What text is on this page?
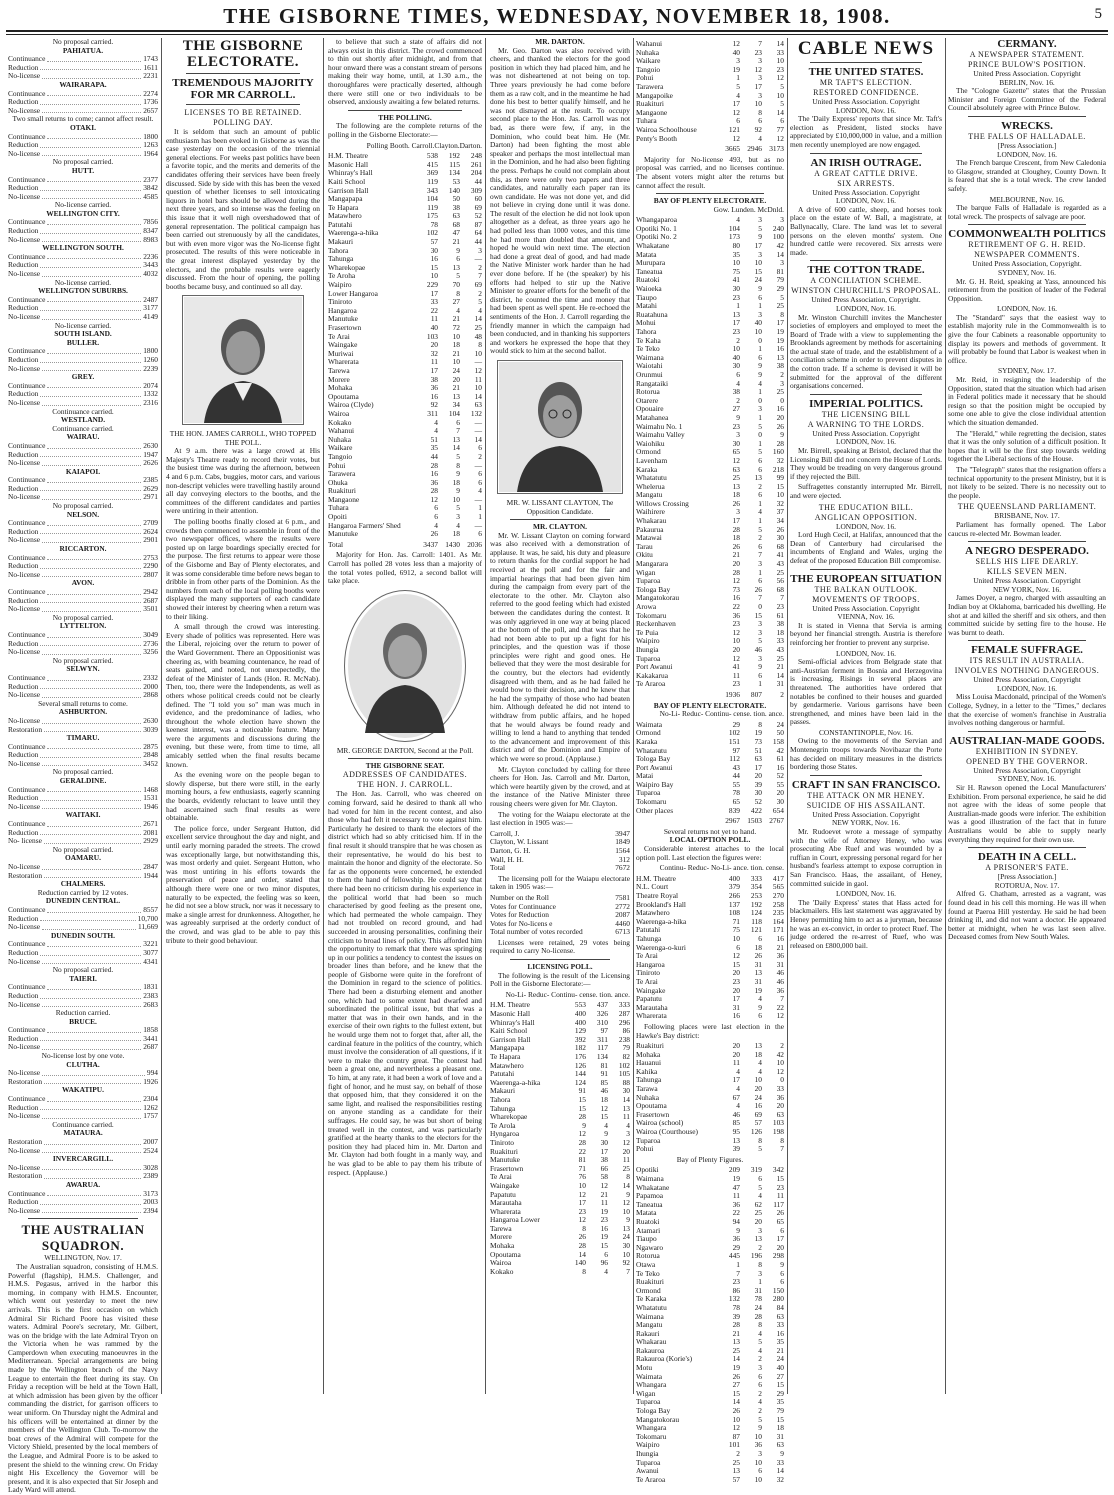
THE GISBORNE TIMES, WEDNESDAY, NOVEMBER 18, 1908.	5
No proposal carried.
PAHIATUA.
Continuance	1743
Reduction	1611
No-license	2231
WAIRARAPA.
Continuance	2274
Reduction	1736
No-license	2657
Two small returns to come; cannot affect result.
OTAKI.
Continuance	1800
Reduction	1263
No-license	1964
No proposal carried.
HUTT.
Continuance	2377
Reduction	3842
No-license	4585
No-license carried.
WELLINGTON CITY.
Continuance	7856
Reduction	8347
No-license	8983
WELLINGTON SOUTH.
Continuance	2236
Reduction	3443
No-license	4032
No-license carried.
WELLINGTON SUBURBS.
Continuance	2487
Reduction	3177
No-license	4149
No-license carried.
SOUTH ISLAND.
BULLER.
Continuance	1800
Reduction	1260
No-license	2239
GREY.
Continuance	2074
Reduction	1332
No-license	2316
Continuance carried.
WESTLAND.
Continuance carried.
WAIRAU.
Continuance	2630
Reduction	1947
No-license	2626
KAIAPOI.
Continuance	2385
Reduction	2629
No-license	2971
No proposal carried.
NELSON.
Continuance	2709
Reduction	2624
No-license	2901
RICCARTON.
Continuance	2753
Reduction	2290
No-license	2807
AVON.
Continuance	2942
Reduction	2687
No-license	3501
No proposal carried.
LYTTELTON.
Continuance	3049
Reduction	2736
No-license	3256
No proposal carried.
SELWYN.
Continuance	2332
Reduction	2000
No-license	2868
Several small returns to come.
ASHBURTON.
No-license	2630
Restoration	3039
TIMARU.
Continuance	2875
Reduction	2848
No-license	3452
No proposal carried.
GERALDINE.
Continuance	1468
Reduction	1531
No-license	1946
WAITAKI.
Continuance	2671
Reduction	2081
No- license	2929
No proposal carried.
OAMARU.
No-license	2847
Restoration	1944
CHALMERS.
Reduction carried by 12 votes.
DUNEDIN CENTRAL.
Continuance	8557
Reduction	10,700
No-license	11,669
DUNEDIN SOUTH.
Continuance	3221
Reduction	3077
No-license	4341
No proposal carried.
TAIERI.
Continuance	1831
Reduction	2383
No-license	2683
Reduction carried.
BRUCE.
Continuance	1858
Reduction	3441
No-license	2687
No-license lost by one vote.
CLUTHA.
No-license	994
Restoration	1926
WAKATIPU.
Continuance	2304
Reduction	1262
No-license	1757
Continuance carried.
MATAURA.
Restoration	2007
No-license	2524
INVERCARGILL.
No-license	3028
Restoration	2389
AWARUA.
Continuance	3173
Reduction	2003
No-license	2394
THE AUSTRALIAN SQUADRON.
WELLINGTON, Nov. 17.

The Australian squadron, consisting of H.M.S. Powerful (flagship), H.M.S. Challenger, and H.M.S. Pegasus, arrived in the harbor this morning, in company with H.M.S. Encounter, which went out yesterday to meet the new arrivals. This is the first occasion on which Admiral Sir Richard Poore has visited these waters. Admiral Poore's secretary, Mr. Gilbert, was on the bridge with the late Admiral Tryon on the Victoria when he was rammed by the Camperdown when executing manoeuvres in the Mediterranean. Special arrangements are being made by the Wellington branch of the Navy League to entertain the fleet during its stay. On Friday a reception will be held at the Town Hall, at which admission has been given by the officer commanding the district, for garrison officers to wear uniform. On Thursday night the Admiral and his officers will be entertained at dinner by the members of the Wellington Club. To-morrow the boat crews of the Admiral will compete for the Victory Shield, presented by the local members of the League, and Admiral Poore is to be asked to present the shield to the winning crew. On Friday night His Excellency the Governor will be present, and it is also expected that Sir Joseph and Lady Ward will attend.

THE GISBORNE ELECTORATE.
TREMENDOUS MAJORITY FOR MR CARROLL.
LICENSES TO BE RETAINED.
POLLING DAY.

It is seldom that such an amount of public enthusiasm has been evoked in Gisborne as was the case yesterday on the occasion of the triennial general elections. For weeks past politics have been a favorite topic, and the merits and demerits of the candidates offering their services have been freely discussed. Side by side with this has been the vexed question of whether licenses to sell intoxicating liquors in hotel bars should be allowed during the next three years, and so intense was the feeling on this issue that it well nigh overshadowed that of general representation. The political campaign has been carried out strenuously by all the candidates, but with even more vigor was the No-license fight prosecuted. The results of this were noticeable in the great interest displayed yesterday by the electors, and the probable results were eagerly discussed. From the hour of opening, the polling booths became busy, and continued so all day.

THE HON. JAMES CARROLL, WHO TOPPED THE POLL.

At 9 a.m. there was a large crowd at His Majesty's Theatre ready to record their votes, but the busiest time was during the afternoon, between 4 and 6 p.m. Cabs, buggies, motor cars, and various non-descript vehicles were travelling hastily around all day conveying electors to the booths, and the committees of the different candidates and parties were untiring in their attention.

The polling booths finally closed at 6 p.m., and crowds then commenced to assemble in front of the two newspaper offices, where the results were posted up on large boardings specially erected for the purpose. The first returns to appear were those of the Gisborne and Bay of Plenty electorates, and it was some considerable time before news began to dribble in from other parts of the Dominion. As the numbers from each of the local polling booths were displayed the many supporters of each candidate showed their interest by cheering when a return was to their liking.

A small through the crowd was interesting. Every shade of politics was represented. Here was the Liberal, rejoicing over the return to power of the Ward Government. There an Oppositionist was cheering as, with beaming countenance, he read of seats gained, and noted, not unexpectedly, the defeat of the Minister of Lands (Hon. R. McNab). Then, too, there were the Independents, as well as others whose political creeds could not be clearly defined. The "I told you so" man was much in evidence, and the predominance of ladies, who throughout the whole election have shown the keenest interest, was a noticeable feature. Many were the arguments and discussions during the evening, but these were, from time to time, all amicably settled when the final results became known.

As the evening wore on the people began to slowly disperse, but there were still, in the early morning hours, a few enthusiasts, eagerly scanning the boards, evidently reluctant to leave until they had ascertained such final results as were obtainable.

The police force, under Sergeant Hutton, did excellent service throughout the day and night, and until early morning paraded the streets. The crowd was exceptionally large, but notwithstanding this, was most orderly and quiet. Sergeant Hutton, who was most untiring in his efforts towards the preservation of peace and order, stated that although there were one or two minor disputes, naturally to be expected, the feeling was so keen, he did not see a blow struck, nor was it necessary to make a single arrest for drunkenness. Altogether, he was agreeably surprised at the orderly conduct of the crowd, and was glad to be able to pay this tribute to their good behaviour.

to believe that such a state of affairs did not always exist in this district. The crowd commenced to thin out shortly after midnight, and from that hour onward there was a constant stream of persons making their way home, until, at 1.30 a.m., the thoroughfares were practically deserted, although there were still one or two individuals to be observed, anxiously awaiting a few belated returns.

THE POLLING.

The following are the complete returns of the polling in the Gisborne Electorate:—

Polling Booth. Carroll.Clayton.Darton.
H.M. Theatre	538	192	248
Masonic Hall	415	115	261
Whinray's Hall	369	134	204
Kaiti School	119	53	44
Garrison Hall	343	140	309
Mangapapa	104	50	60
Te Hapara	119	38	69
Matawhero	175	63	52
Patutahi	78	68	87
Waerenga-a-hika	102	47	64
Makauri	57	21	44
Tahora	30	9	3
Tahunga	16	6	—
Wharekopae	15	13	2
Te Aroha	10	5	7
Waipiro	229	70	69
Lower Hangaroa	17	8	2
Tiniroto	33	27	5
Hangaroa	22	4	4
Manutuke	11	21	14
Frasertown	40	72	25
Te Arai	103	10	48
Waingake	20	18	8
Muriwai	32	21	10
Wharerata	11	10	—
Tarewa	17	24	12
Morere	38	20	11
Mohaka	36	21	10
Opoutama	16	13	14
Wairoa (Clyde)	92	34	63
Wairoa	311	104	132
Kokako	4	6	—
Wahanui	4	7	—
Nuhaka	51	13	14
Waikare	35	14	6
Tangoio	44	5	2
Pohui	28	8	—
Tarawera	16	9	6
Ohuka	36	18	6
Ruakituri	28	9	4
Mangaone	12	10	—
Tuhara	6	5	1
Opoiti	6	3	1
Hangaroa Farmers' Shed	4	4	—
Manutuke	26	18	6
Total	3437 1430 2036

Majority for Hon. Jas. Carroll: 1401. As Mr. Carroll has polled 28 votes less than a majority of the total votes polled, 6912, a second ballot will take place.

MR. GEORGE DARTON, Second at the Poll.
THE GISBORNE SEAT.
ADDRESSES OF CANDIDATES.
THE HON. J. CARROLL.

The Hon. Jas. Carroll, who was cheered on coming forward, said he desired to thank all who had voted for him in the recent contest, and also those who had felt it necessary to vote against him. Particularly he desired to thank the electors of the district which had so ably criticised him. If in the final result it should transpire that he was chosen as their representative, he would do his best to maintain the honor and dignity of the electorate. So far as the opponents were concerned, he extended to them the hand of fellowship. He could say that there had been no criticism during his experience in the political world that had been so much characterised by good feeling as the present one, which had permeated the whole campaign. They had not troubled on record ground, and had succeeded in arousing personalities, confining their criticism to broad lines of policy. This afforded him the opportunity to remark that there was springing up in our politics a tendency to contest the issues on broader lines than before, and he knew that the people of Gisborne were quite in the forefront of the Dominion in regard to the science of politics. There had been a disturbing element and another one, which had to some extent had dwarfed and subordinated the political issue, but that was a matter that was in their own hands, and in the exercise of their own rights to the fullest extent, but he would urge them not to forget that, after all, the cardinal feature in the politics of the country, which must involve the consideration of all questions, if it were to make the country great. The contest had been a great one, and nevertheless a pleasant one. To him, at any rate, it had been a work of love and a fight of honor, and he must say, on behalf of those that opposed him, that they considered it on the same light, and realised the responsibilities resting on anyone standing as a candidate for their suffrages. He could say, he was but short of being treated well in the contest, and was particularly gratified at the hearty thanks to the electors for the position they had placed him in. Mr. Darton and Mr. Clayton had both fought in a manly way, and he was glad to be able to pay them his tribute of respect. (Applause.)

MR. DARTON.

Mr. Geo. Darton was also received with cheers, and thanked the electors for the good position in which they had placed him, and he was not disheartened at not being on top. Three years previously he had come before them as a raw colt, and in the meantime he had done his best to better qualify himself, and he was not dismayed at the result. To occupy second place to the Hon. Jas. Carroll was not bad, as there were few, if any, in the Dominion, who could beat him. He (Mr. Darton) had been fighting the most able speaker and perhaps the most intellectual man in the Dominion, and he had also been fighting the press. Perhaps he could not complain about this, as there were only two papers and three candidates, and naturally each paper ran its own candidate. He was not done yet, and did not believe in crying done until it was done. The result of the election he did not look upon altogether as a defeat, as three years ago he had polled less than 1000 votes, and this time he had more than doubled that amount, and hoped he would win next time. The election had done a great deal of good, and had made the Native Minister work harder than he had ever done before. If he (the speaker) by his efforts had helped to stir up the Native Minister to greater efforts for the benefit of the district, he counted the time and money that had been spent as well spent. He re-echoed the sentiments of the Hon. J. Carroll regarding the friendly manner in which the campaign had been conducted, and in thanking his supporters and workers he expressed the hope that they would stick to him at the second ballot.

MR. W. LISSANT CLAYTON, The Opposition Candidate.
MR. CLAYTON.

Mr. W. Lissant Clayton on coming forward was also received with a demonstration of applause. It was, he said, his duty and pleasure to return thanks for the cordial support he had received at the poll and for the fair and impartial hearings that had been given him during the campaign from every part of the electorate to the other. Mr. Clayton also referred to the good feeling which had existed between the candidates during the contest. It was only aggrieved in one way at being placed at the bottom of the poll, and that was that he had not been able to put up a fight for his principles, and the question was if those principles were right and good ones. He believed that they were the most desirable for the country, but the electors had evidently disagreed with them, and as he had failed he would bow to their decision, and he knew that he had the sympathy of those who had beaten him. Although defeated he did not intend to withdraw from public affairs, and he hoped that he would always be found ready and willing to lend a hand to anything that tended to the advancement and improvement of this district and of the Dominion and Empire of which we were so proud. (Applause.)

Mr. Clayton concluded by calling for three cheers for Hon. Jas. Carroll and Mr. Darton, which were heartily given by the crowd, and at the instance of the Native Minister three rousing cheers were given for Mr. Clayton.

The voting for the Waiapu electorate at the last election in 1905 was:—

Carroll, J.	3947
Clayton, W. Lissant	1849
Darton, G. H.	1564
Wall, H. H.	312
Total	7672

The licensing poll for the Waiapu electorate taken in 1905 was:—

Number on the Roll	7581
Votes for Continuance	2772
Votes for Reduction	2087
Votes for No-licens e	4460
Total number of votes recorded	6713

Licenses were retained, 29 votes being required to carry No-license.

LICENSING POLL.

The following is the result of the Licensing Poll in the Gisborne Electorate:—

No-Li- Reduc- Continu- cense. tion. ance.
H.M. Theatre	553	437	333
Masonic Hall	400	326	287
Whinray's Hall	400	310	296
Kaiti School	129	97	86
Garrison Hall	392	311	238
Mangapapa	182	117	79
Te Hapara	176	134	82
Matawhero	126	81	102
Patutahi	144	91	105
Waerenga-a-hika	124	85	88
Makauri	91	46	30
Tahora	15	18	14
Tahunga	15	12	13
Wharekopae	28	15	11
Te Arola	9	4	4
Hyngaroa	12	9	3
Tiniroto	28	30	12
Ruakituri	22	17	20
Manutuke	81	38	11
Frasertown	71	66	25
Te Arai	76	58	8
Waingake	10	12	14
Papatutu	12	21	9
Marautaha	17	11	12
Wharerata	23	19	10
Hangaroa Lower	12	23	9
Tarewa	8	16	13
Morere	26	19	24
Mohaka	28	15	30
Opoutama	14	6	10
Wairoa	140	96	92
Kokako	8	4	7
Wahanui	12	7	14
Nuhaka	40	23	33
Waikare	3	3	10
Tangoio	19	12	23
Pohui	1	3	12
Tarawera	5	17	5
Mangapoike	4	3	10
Ruakituri	17	10	5
Mangaone	12	8	14
Tuhara	6	6	6
Wairoa Schoolhouse	121	92	77
Penty's Booth	12	4	12
3665 2946 3173

Majority for No-license 493, but as no proposal was carried, and no licenses continue. The absent voters might alter the returns but cannot affect the result.

BAY OF PLENTY ELECTORATE.
Gow. Lunden. McDnld.
Whangaparoa	4	3	3
Opotiki No. 1	104	5	240
Opotiki No. 2	173	9	100
Whakatane	80	17	42
Matata	35	3	14
Murupara	10	10	3
Taneatua	75	15	81
Ruatoki	41	24	79
Waioeka	30	9	29
Tiaupo	23	6	5
Matahi	1	1	25
Ruatahuna	13	3	8
Mohui	17	40	17
Tahora	23	10	19
Te Kaha	2	0	19
Te Teko	10	1	16
Waimana	40	6	13
Waiotahi	30	9	38
Orunmui	6	9	2
Rangataiki	4	4	3
Rotorua	38	1	25
Otarere	2	0	0
Opouaire	27	3	16
Matahanea	9	1	20
Waimahu No. 1	23	5	26
Waimahu Valley	3	0	9
Waiohiku	30	1	28
Ormond	65	5	160
Lavenham	12	6	32
Karaka	63	6	218
Whatatutu	25	13	99
Whelerua	13	2	15
Mangatu	18	6	10
Willows Crossing	26	1	32
Waihirere	3	4	37
Whakarau	17	1	34
Pakaurua	28	5	26
Matawai	18	2	30
Tarau	26	6	68
Okitu	21	7	41
Mangarara	20	3	43
Wigan	28	1	25
Tuparoa	12	6	56
Tologa Bay	73	26	68
Mangatokorau	16	7	7
Arowa	22	0	23
Tokomaru	36	15	61
Reckenhaven	23	3	38
Te Puia	12	3	18
Waipiro	10	5	33
Ihungia	20	46	43
Tuparoa	12	3	25
Port Awanui	41	9	21
Kakakarua	11	6	14
Te Araroa	23	1	31
1936	807	2
BAY OF PLENTY ELECTORATE.
No-Li- Reduc- Continu- cense. tion. ance.
Waimata	29	8	24
Ormond	102	19	50
Karaka	151	73	158
Whatatutu	97	51	42
Tologa Bay	112	63	61
Port Awanui	43	17	16
Matai	44	20	52
Waipiro Bay	55	39	55
Tuparoa	78	30	20
Tokomaru	65	52	30
Other places	839	422	654
2967 1503 2767
Several returns not yet to hand.
LOCAL OPTION POLL.

Considerable interest attaches to the local option poll. Last election the figures were:

Continu- Reduc- No-Li- ance. tion. cense.
H.M. Theatre	400	333	417
N.L. Court	379	354	565
Theatre Royal	266	253	270
Brookland's Hall	137	192	258
Matawhero	108	124	235
Waerenga-a-hika	71	118	164
Patutahi	75	121	171
Tahunga	10	6	16
Waerenga-o-kuri	6	18	21
Te Arai	12	26	36
Hangaroa	15	31	31
Tiniroto	20	13	46
Te Arai	23	31	46
Waingake	20	19	36
Papatutu	17	4	7
Marautaha	31	9	22
Wharerata	16	6	12

Following places were last election in the Hawke's Bay district:

Ruakituri	20	13	2
Mohaka	20	18	42
Hauanui	11	4	10
Kahika	4	4	12
Tahunga	17	10	0
Tarawa	4	20	33
Nuhaka	67	24	36
Opoutama	4	16	20
Frasertown	46	69	63
Wairoa (school)	85	57	103
Wairoa (Courthouse)	95	126	198
Tuparoa	13	8	8
Pohui	39	5	7
Bay of Plenty Figures.
Opotiki	209	319	342
Waimana	19	6	15
Whakatane	47	5	23
Papamoa	11	4	11
Taneatua	36	62	117
Matata	22	25	26
Ruatoki	94	20	65
Atamari	9	3	6
Tiaupo	36	13	17
Ngawaro	29	2	20
Rotorua	445	196	298
Otawa	1	8	9
Te Teko	7	3	6
Ruakituri	23	1	6
Ormond	86	31	150
Te Karaka	132	78	280
Whatatutu	78	24	84
Waimana	39	28	63
Mangatu	28	8	33
Rakauri	21	4	16
Whakarau	13	5	35
Rakauroa	25	4	21
Rakauroa (Korie's)	14	2	24
Motu	19	3	40
Waimata	26	6	27
Whangara	27	6	15
Wigan	15	2	29
Tuparoa	14	4	35
Tologa Bay	26	2	79
Mangatokorau	10	5	15
Whangara	12	9	18
Tokomaru	87	10	31
Waipiro	101	36	63
Ihungia	2	3	9
Tuparoa	25	10	33
Awanui	13	6	14
Te Araroa	57	10	32
CABLE NEWS
THE UNITED STATES.
MR TAFT'S ELECTION.
RESTORED CONFIDENCE.
United Press Association. Copyright
LONDON, Nov. 16.

The 'Daily Express' reports that since Mr. Taft's election as President, listed stocks have appreciated by £10,000,000 in value, and a million men recently unemployed are now engaged.

AN IRISH OUTRAGE.
A GREAT CATTLE DRIVE.
SIX ARRESTS.
United Press Association. Copyright
LONDON, Nov. 16.

A drive of 600 cattle, sheep, and horses took place on the estate of W. Ball, a magistrate, at Ballynacally, Clare. The land was let to several persons on the eleven months' system. One hundred cattle were recovered. Six arrests were made.

THE COTTON TRADE.
A CONCILIATION SCHEME.
WINSTON CHURCHILL'S PROPOSAL.
United Press Association, Copyright.
LONDON, Nov. 16.

Mr. Winston Churchill invites the Manchester societies of employers and employed to meet the Board of Trade with a view to supplementing the Brooklands agreement by methods for ascertaining the actual state of trade, and the establishment of a conciliation scheme in order to prevent disputes in the cotton trade. If a scheme is devised it will be submitted for the approval of the different organisations concerned.

IMPERIAL POLITICS.
THE LICENSING BILL
A WARNING TO THE LORDS.
United Press Association. Copyright
LONDON, Nov. 16.

Mr. Birrell, speaking at Bristol, declared that the Licensing Bill did not concern the House of Lords. They would be treading on very dangerous ground if they rejected the Bill.

Suffragettes constantly interrupted Mr. Birrell, and were ejected.

THE EDUCATION BILL.
ANGLICAN OPPOSITION.
LONDON, Nov. 16.

Lord Hugh Cecil, at Halifax, announced that the Dean of Canterbury had circularised the incumbents of England and Wales, urging the defeat of the proposed Education Bill compromise.

THE EUROPEAN SITUATION
THE BALKAN OUTLOOK.
MOVEMENTS OF TROOPS.
United Press Association. Copyright
VIENNA, Nov. 16.

It is stated in Vienna that Servia is arming beyond her financial strength. Austria is therefore reinforcing her frontier to prevent any surprise.

LONDON, Nov. 16.

Semi-official advices from Belgrade state that anti-Austrian ferment in Bosnia and Herzegovina is increasing. Risings in several places are threatened. The authorities have ordered that notables be confined to their houses and guarded by gendarmerie. Various garrisons have been strengthened, and mines have been laid in the passes.

CONSTANTINOPLE, Nov. 16.

Owing to the movements of the Servian and Montenegrin troops towards Novibazar the Porte has decided on military measures in the districts bordering those States.

CRAFT IN SAN FRANCISCO.
THE ATTACK ON MR HENEY.
SUICIDE OF HIS ASSAILANT.
United Press Association. Copyright
NEW YORK, Nov. 16.

Mr. Rudoevet wrote a message of sympathy with the wife of Attorney Heney, who was prosecuting Abe Ruef and was wounded by a ruffian in Court, expressing personal regard for her husband's fearless attempt to expose corruption in San Francisco. Haas, the assailant, of Heney, committed suicide in gaol.

LONDON, Nov. 16.

The 'Daily Express' states that Hass acted for blackmailers. His last statement was aggravated by Heney permitting him to act as a juryman, because he was an ex-convict, in order to protect Ruef. The judge ordered the re-arrest of Ruef, who was released on £800,000 bail.

CERMANY.
A NEWSPAPER STATEMENT.
PRINCE BULOW'S POSITION.
United Press Association. Copyright
BERLIN, Nov. 16.

The "Cologne Gazette" states that the Prussian Minister and Foreign Committee of the Federal Council absolutely agree with Prince Bulow.

WRECKS.
THE FALLS OF HALLADALE.
[Press Association.]
LONDON, Nov. 16.

The French barque Crescent, from New Caledonia to Glasgow, stranded at Cloughey, County Down. It is feared that she is a total wreck. The crew landed safely.

MELBOURNE, Nov. 16.

The barque Falls of Halladale is regarded as a total wreck. The prospects of salvage are poor.

COMMONWEALTH POLITICS
RETIREMENT OF G. H. REID.
NEWSPAPER COMMENTS.
United Press Association, Copyright.
SYDNEY, Nov. 16.

Mr. G. H. Reid, speaking at Yass, announced his retirement from the position of leader of the Federal Opposition.

LONDON, Nov. 16.

The "Standard" says that the easiest way to establish majority rule in the Commonwealth is to give the four Cabinets a reasonable opportunity to display its powers and methods of government. It will probably be found that Labor is weakest when in office.

SYDNEY, Nov. 17.

Mr. Reid, in resigning the leadership of the Opposition, stated that the situation which had arisen in Federal politics made it necessary that he should resign so that the position might be occupied by some one able to give the close individual attention which the situation demanded.

The "Herald," while regretting the decision, states that it was the only solution of a difficult position. It hopes that it will be the first step towards welding together the Liberal sections of the House.

The "Telegraph" states that the resignation offers a technical opportunity to the present Ministry, but it is not likely to be seized. There is no necessity out to the people.

THE QUEENSLAND PARLIAMENT.
BRISBANE, Nov. 17.

Parliament has formally opened. The Labor caucus re-elected Mr. Bowman leader.

A NEGRO DESPERADO.
SELLS HIS LIFE DEARLY.
KILLS SEVEN MEN.
United Press Association. Copyright
NEW YORK, Nov. 16.

James Doyer, a negro, charged with assaulting an Indian boy at Oklahoma, barricaded his dwelling. He shot at and killed the sheriff and six others, and then committed suicide by setting fire to the house. He was burnt to death.

FEMALE SUFFRAGE.
ITS RESULT IN AUSTRALIA.
INVOLVES NOTHING DANGEROUS.
United Press Association, Copyright
LONDON, Nov. 16.

Miss Louisa Macdonald, principal of the Women's College, Sydney, in a letter to the "Times," declares that the exercise of women's franchise in Australia involves nothing dangerous or harmful.

AUSTRALIAN-MADE GOODS.
EXHIBITION IN SYDNEY.
OPENED BY THE GOVERNOR.
United Press Association, Copyright
SYDNEY, Nov. 16.

Sir H. Rawson opened the Local Manufacturers' Exhibition. From personal experience, he said he did not agree with the ideas of some people that Australian-made goods were inferior. The exhibition was a good illustration of the fact that in future Australians would be able to supply nearly everything they required for their own use.

DEATH IN A CELL.
A PRISONER'S FATE.
[Press Association.]
ROTORUA, Nov. 17.

Alfred G. Chatham, arrested as a vagrant, was found dead in his cell this morning. He was ill when found at Paeroa Hill yesterday. He said he had been drinking ill, and did not want a doctor. He appeared better at midnight, when he was last seen alive. Deceased comes from New South Wales.
